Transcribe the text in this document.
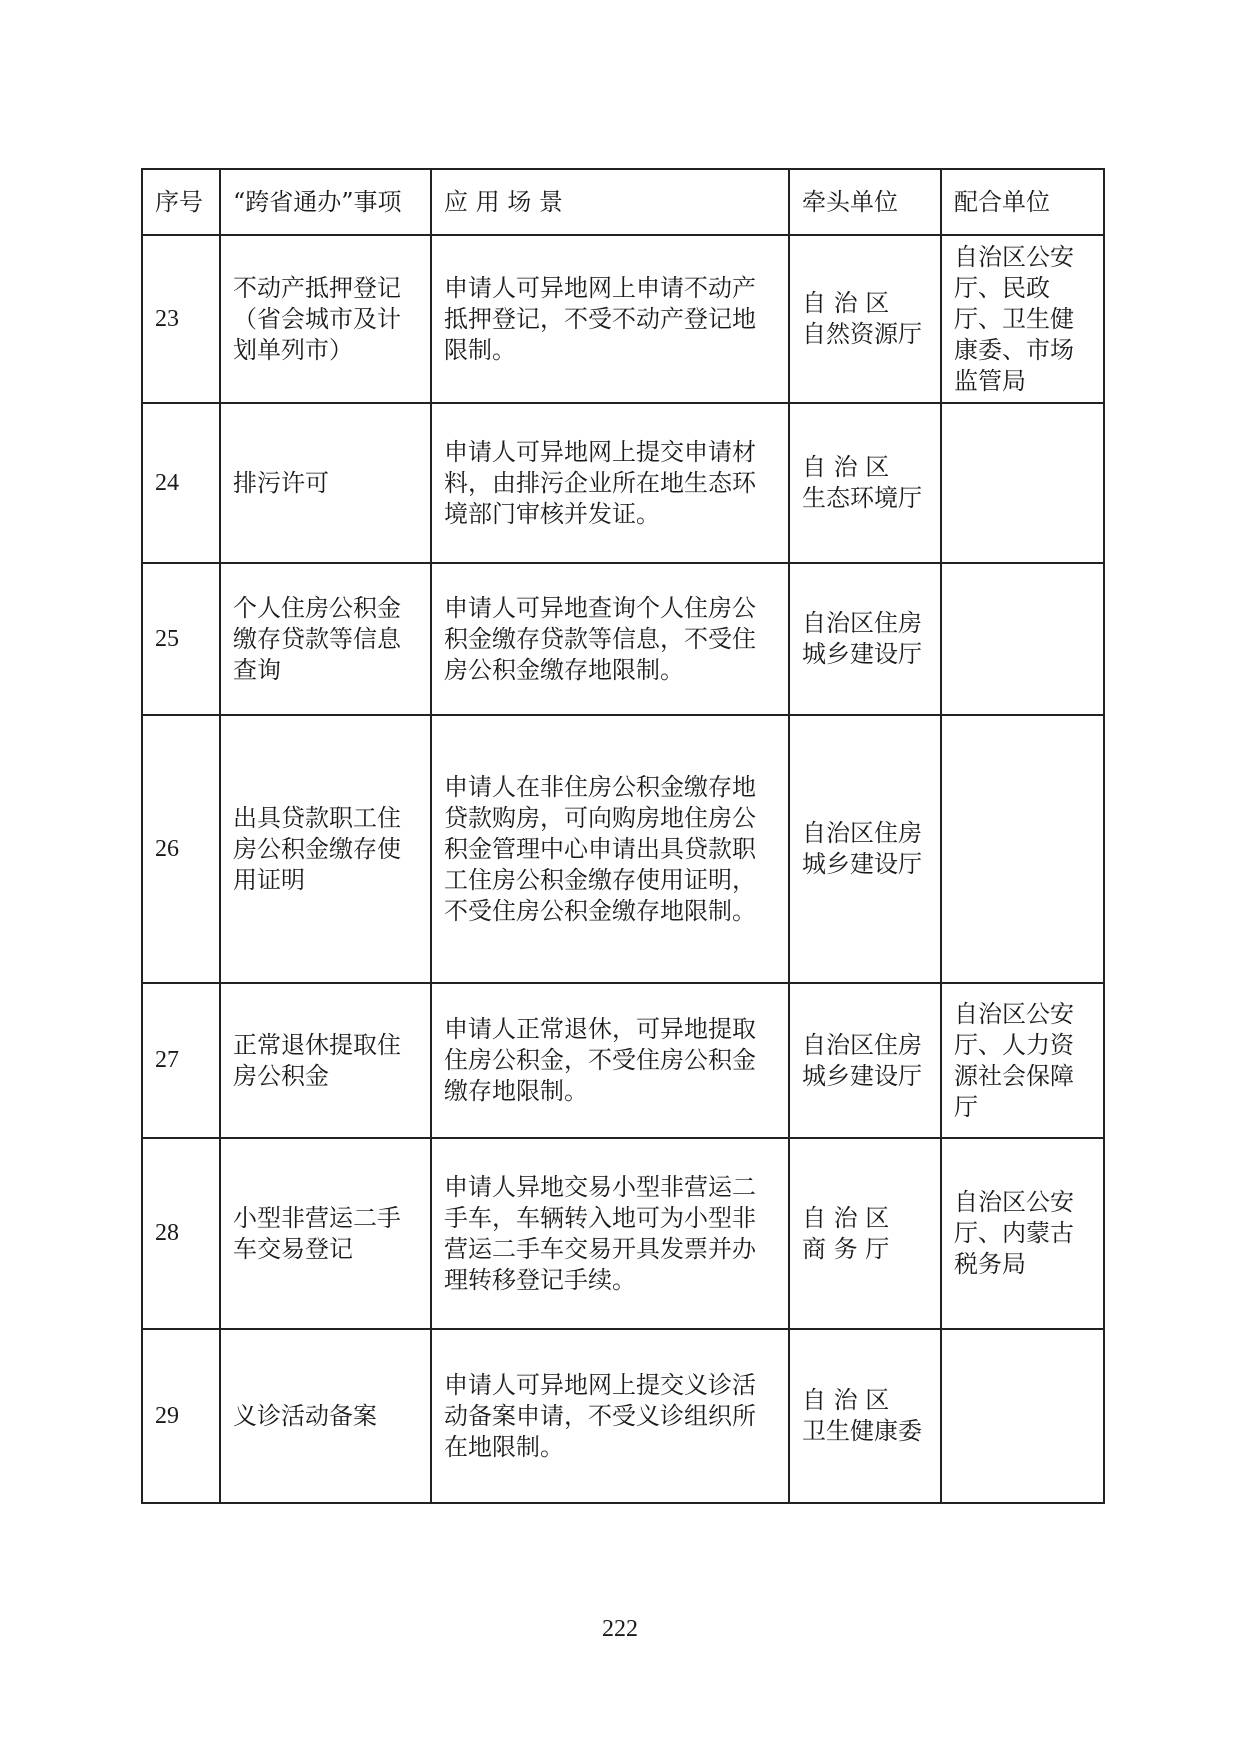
序号	“跨省通办”事项	应 用 场 景	牵头单位	配合单位
23	不动产抵押登记（省会城市及计划单列市）	申请人可异地网上申请不动产抵押登记，不受不动产登记地限制。	自 治 区
自然资源厅	自治区公安厅、民政厅、卫生健康委、市场监管局
24	排污许可	申请人可异地网上提交申请材料，由排污企业所在地生态环境部门审核并发证。	自 治 区
生态环境厅	

25	个人住房公积金缴存贷款等信息查询	申请人可异地查询个人住房公积金缴存贷款等信息，不受住房公积金缴存地限制。	自治区住房
城乡建设厅	

26	出具贷款职工住房公积金缴存使用证明	申请人在非住房公积金缴存地贷款购房，可向购房地住房公积金管理中心申请出具贷款职工住房公积金缴存使用证明，不受住房公积金缴存地限制。	自治区住房
城乡建设厅	

27	正常退休提取住房公积金	申请人正常退休，可异地提取住房公积金，不受住房公积金缴存地限制。	自治区住房
城乡建设厅	自治区公安厅、人力资源社会保障厅
28	小型非营运二手车交易登记	申请人异地交易小型非营运二手车，车辆转入地可为小型非营运二手车交易开具发票并办理转移登记手续。	自 治 区
商 务 厅	自治区公安厅、内蒙古税务局
29	义诊活动备案	申请人可异地网上提交义诊活动备案申请，不受义诊组织所在地限制。	自 治 区
卫生健康委	

222
